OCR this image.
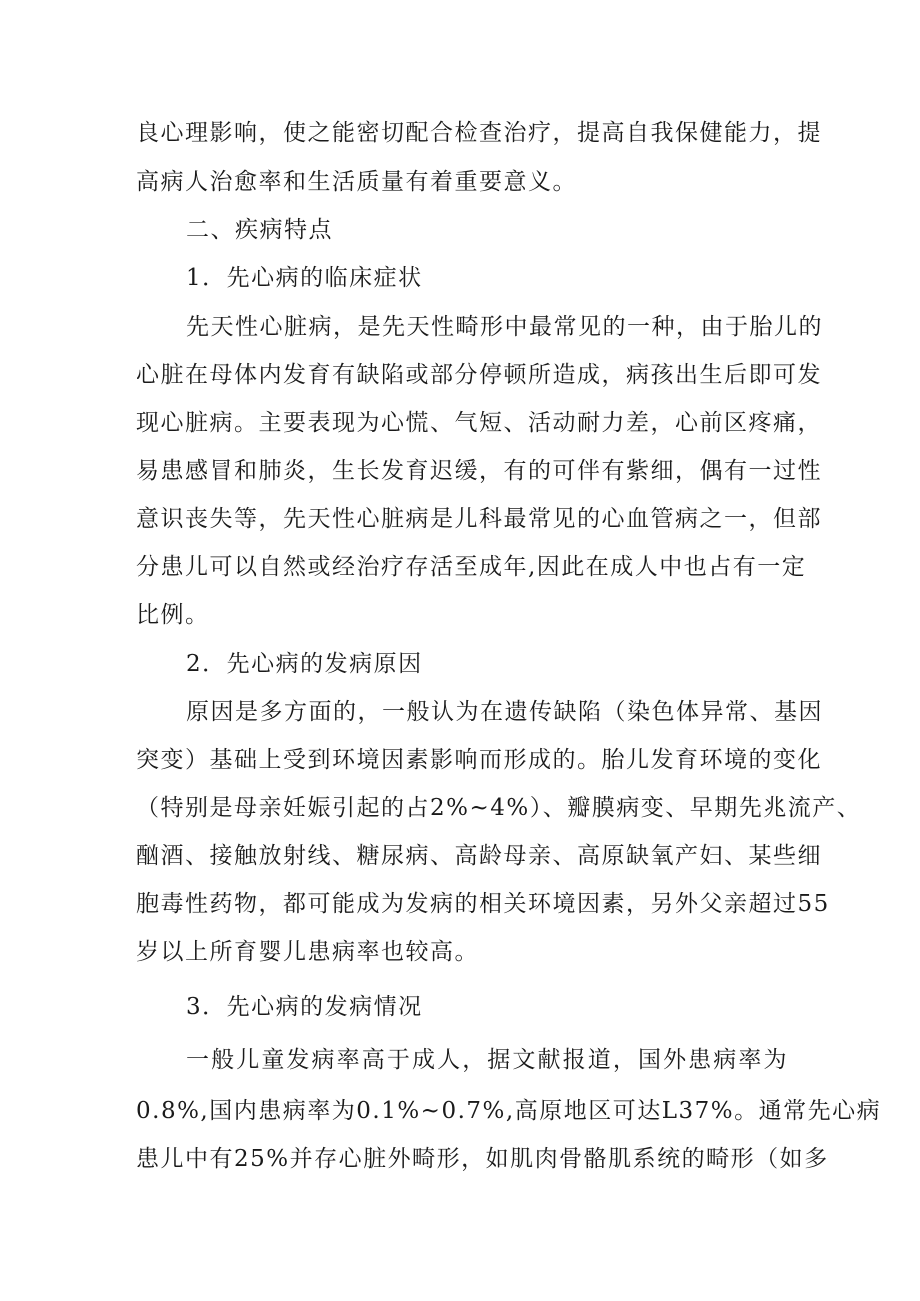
良心理影响，使之能密切配合检查治疗，提高自我保健能力，提
高病人治愈率和生活质量有着重要意义。
二、疾病特点
1．先心病的临床症状
先天性心脏病，是先天性畸形中最常见的一种，由于胎儿的
心脏在母体内发育有缺陷或部分停顿所造成，病孩出生后即可发
现心脏病。主要表现为心慌、气短、活动耐力差，心前区疼痛，
易患感冒和肺炎，生长发育迟缓，有的可伴有紫细，偶有一过性
意识丧失等，先天性心脏病是儿科最常见的心血管病之一，但部
分患儿可以自然或经治疗存活至成年,因此在成人中也占有一定
比例。
2．先心病的发病原因
原因是多方面的，一般认为在遗传缺陷（染色体异常、基因
突变）基础上受到环境因素影响而形成的。胎儿发育环境的变化
（特别是母亲妊娠引起的占2%~4%）、瓣膜病变、早期先兆流产、
酗酒、接触放射线、糖尿病、高龄母亲、高原缺氧产妇、某些细
胞毒性药物，都可能成为发病的相关环境因素，另外父亲超过55
岁以上所育婴儿患病率也较高。
3．先心病的发病情况
一般儿童发病率高于成人，据文献报道，国外患病率为
0.8%,国内患病率为0.1%~0.7%,高原地区可达L37%。通常先心病
患儿中有25%并存心脏外畸形，如肌肉骨骼肌系统的畸形（如多
